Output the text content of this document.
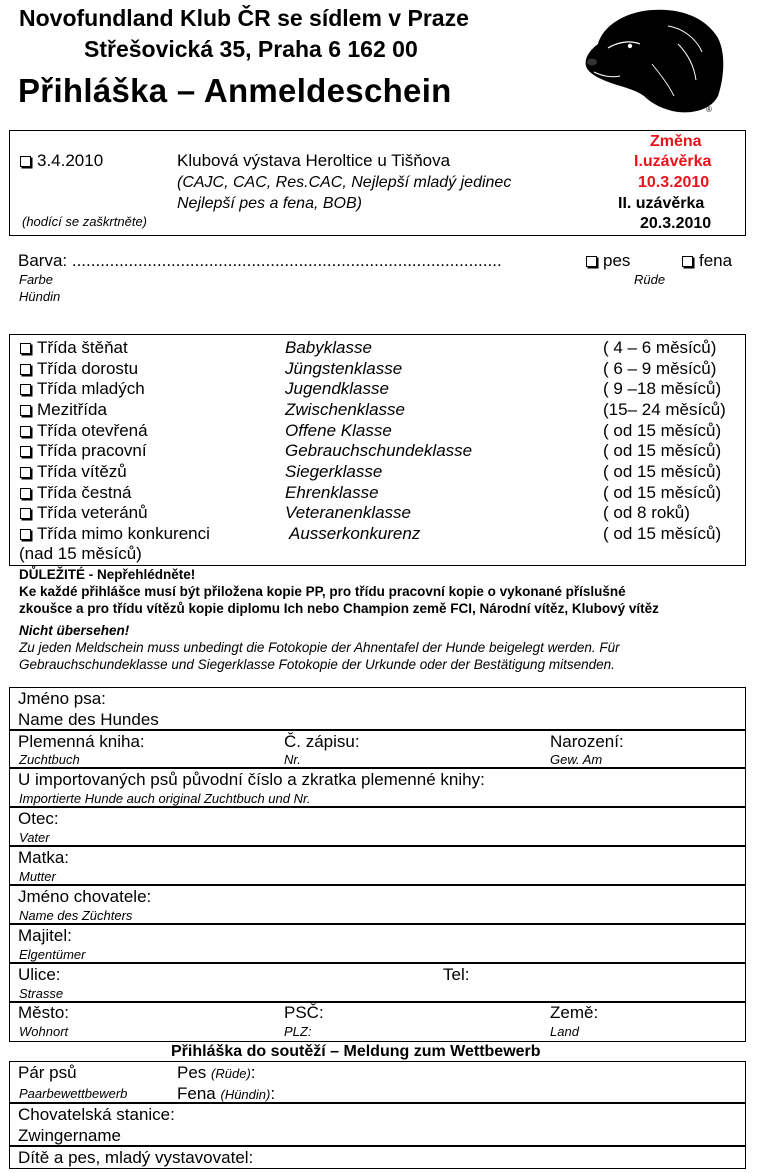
Novofundland Klub ČR se sídlem v Praze
Střešovická 35, Praha 6 162 00
Přihláška – Anmeldeschein
®
3.4.2010	Klubová výstava Heroltice u Tišňova
(CAJC, CAC, Res.CAC, Nejlepší mladý jedinec
Nejlepší pes a fena, BOB)
(hodící se zaškrtněte)
Změna
I.uzávěrka
10.3.2010
II. uzávěrka
20.3.2010
Barva: ...........................................................................................
Farbe
Hündin
pes
Rüde
fena
Třída štěňat	Babyklasse	( 4 – 6 měsíců)
Třída dorostu	Jüngstenklasse	( 6 – 9 měsíců)
Třída mladých	Jugendklasse	( 9 –18 měsíců)
Mezitřída	Zwischenklasse	(15– 24 měsíců)
Třída otevřená	Offene Klasse	( od 15 měsíců)
Třída pracovní	Gebrauchschundeklasse	( od 15 měsíců)
Třída vítězů	Siegerklasse	( od 15 měsíců)
Třída čestná	Ehrenklasse	( od 15 měsíců)
Třída veteránů	Veteranenklasse	( od 8 roků)
Třída mimo konkurenci	Ausserkonkurenz	( od 15 měsíců)
(nad 15 měsíců)
DŮLEŽITÉ - Nepřehlédněte!
Ke každé přihlášce musí být přiložena kopie PP, pro třídu pracovní kopie o vykonané příslušné
zkoušce a pro třídu vítězů kopie diplomu Ich nebo Champion země FCI, Národní vítěz, Klubový vítěz
Nicht übersehen!
Zu jeden Meldschein muss unbedingt die Fotokopie der Ahnentafel der Hunde beigelegt werden. Für
Gebrauchschundeklasse und Siegerklasse Fotokopie der Urkunde oder der Bestätigung mitsenden.
Jméno psa:
Name des Hundes
Plemenná kniha:
Zuchtbuch
Č. zápisu:
Nr.
Narození:
Gew. Am
U importovaných psů původní číslo a zkratka plemenné knihy:
Importierte Hunde auch original Zuchtbuch und Nr.
Otec:
Vater
Matka:
Mutter
Jméno chovatele:
Name des Züchters
Majitel:
Elgentümer
Ulice:
Strasse
Tel:
Město:
Wohnort
PSČ:
PLZ:
Země:
Land
Přihláška do soutěží – Meldung zum Wettbewerb
Pár psů
Paarbewettbewerb
Pes (Rüde):
Fena (Hündin):
Chovatelská stanice:
Zwingername
Dítě a pes, mladý vystavovatel:
